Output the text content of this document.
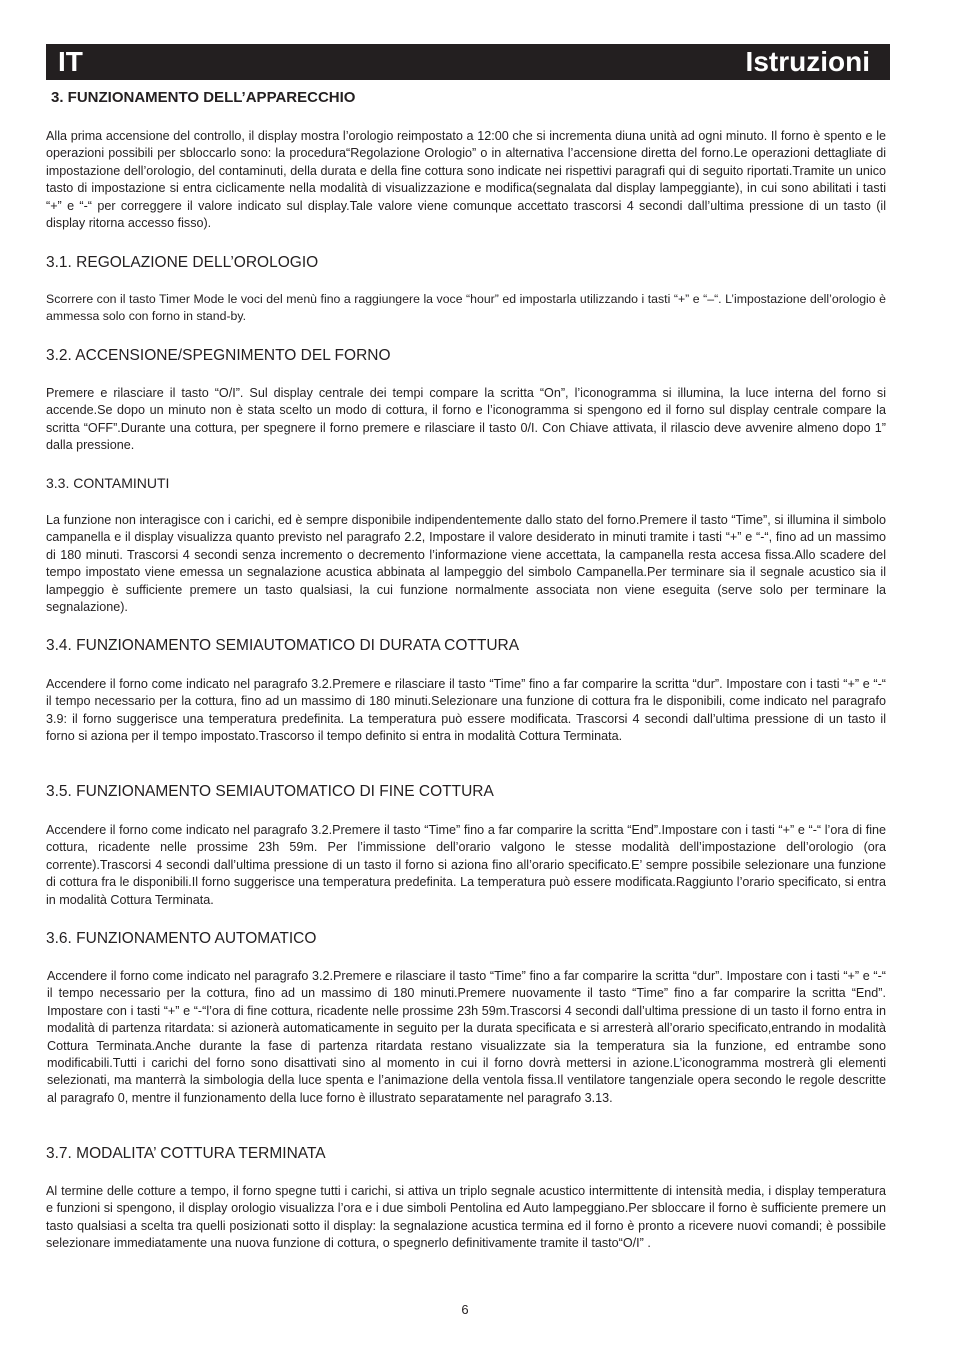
IT	Istruzioni
3. FUNZIONAMENTO DELL’APPARECCHIO

Alla prima accensione del controllo, il display mostra l’orologio reimpostato a 12:00 che si incrementa diuna unità ad ogni minuto. Il forno è spento e le operazioni possibili per sbloccarlo sono: la procedura“Regolazione Orologio” o in alternativa l’accensione diretta del forno.Le operazioni dettagliate di impostazione dell’orologio, del contaminuti, della durata e della fine cottura sono indicate nei rispettivi paragrafi qui di seguito riportati.Tramite un unico tasto di impostazione si entra ciclicamente nella modalità di visualizzazione e modifica(segnalata dal display lampeggiante), in cui sono abilitati i tasti “+” e “-“ per correggere il valore indicato sul display.Tale valore viene comunque accettato trascorsi 4 secondi dall’ultima pressione di un tasto (il display ritorna accesso fisso).

3.1. REGOLAZIONE DELL’OROLOGIO

Scorrere con il tasto Timer Mode le voci del menù fino a raggiungere la voce “hour” ed impostarla utilizzando i tasti “+” e “–“. L’impostazione dell’orologio è ammessa solo con forno in stand-by.

3.2. ACCENSIONE/SPEGNIMENTO DEL FORNO

Premere e rilasciare il tasto “O/I”. Sul display centrale dei tempi compare la scritta “On”, l’iconogramma si illumina, la luce interna del forno si accende.Se dopo un minuto non è stata scelto un modo di cottura, il forno e l’iconogramma si spengono ed il forno sul display centrale compare la scritta “OFF”.Durante una cottura, per spegnere il forno premere e rilasciare il tasto 0/I. Con Chiave attivata, il rilascio deve avvenire almeno dopo 1” dalla pressione.

3.3. CONTAMINUTI

La funzione non interagisce con i carichi, ed è sempre disponibile indipendentemente dallo stato del forno.Premere il tasto “Time”, si illumina il simbolo campanella e il display visualizza quanto previsto nel paragrafo 2.2, Impostare il valore desiderato in minuti tramite i tasti “+” e “-“, fino ad un massimo di 180 minuti. Trascorsi 4 secondi senza incremento o decremento l’informazione viene accettata, la campanella resta accesa fissa.Allo scadere del tempo impostato viene emessa un segnalazione acustica abbinata al lampeggio del simbolo Campanella.Per terminare sia il segnale acustico sia il lampeggio è sufficiente premere un tasto qualsiasi, la cui funzione normalmente associata non viene eseguita (serve solo per terminare la segnalazione).

3.4. FUNZIONAMENTO SEMIAUTOMATICO DI DURATA COTTURA

Accendere il forno come indicato nel paragrafo 3.2.Premere e rilasciare il tasto “Time” fino a far comparire la scritta “dur”. Impostare con i tasti “+” e “-“ il tempo necessario per la cottura, fino ad un massimo di 180 minuti.Selezionare una funzione di cottura fra le disponibili, come indicato nel paragrafo 3.9: il forno suggerisce una temperatura predefinita. La temperatura può essere modificata. Trascorsi 4 secondi dall’ultima pressione di un tasto il forno si aziona per il tempo impostato.Trascorso il tempo definito si entra in modalità Cottura Terminata.

3.5. FUNZIONAMENTO SEMIAUTOMATICO DI FINE COTTURA

Accendere il forno come indicato nel paragrafo 3.2.Premere il tasto “Time” fino a far comparire la scritta “End”.Impostare con i tasti “+” e “-“ l’ora di fine cottura, ricadente nelle prossime 23h 59m. Per l’immissione dell’orario valgono le stesse modalità dell’impostazione dell’orologio (ora corrente).Trascorsi 4 secondi dall’ultima pressione di un tasto il forno si aziona fino all’orario specificato.E’ sempre possibile selezionare una funzione di cottura fra le disponibili.Il forno suggerisce una temperatura predefinita. La temperatura può essere modificata.Raggiunto l’orario specificato, si entra in modalità Cottura Terminata.

3.6. FUNZIONAMENTO AUTOMATICO

Accendere il forno come indicato nel paragrafo 3.2.Premere e rilasciare il tasto “Time” fino a far comparire la scritta “dur”. Impostare con i tasti “+” e “-“ il tempo necessario per la cottura, fino ad un massimo di 180 minuti.Premere nuovamente il tasto “Time” fino a far comparire la scritta “End”. Impostare con i tasti “+” e “-“l’ora di fine cottura, ricadente nelle prossime 23h 59m.Trascorsi 4 secondi dall’ultima pressione di un tasto il forno entra in modalità di partenza ritardata: si azionerà automaticamente in seguito per la durata specificata e si arresterà all’orario specificato,entrando in modalità Cottura Terminata.Anche durante la fase di partenza ritardata restano visualizzate sia la temperatura sia la funzione, ed entrambe sono modificabili.Tutti i carichi del forno sono disattivati sino al momento in cui il forno dovrà mettersi in azione.L’iconogramma mostrerà gli elementi selezionati, ma manterrà la simbologia della luce spenta e l’animazione della ventola fissa.Il ventilatore tangenziale opera secondo le regole descritte al paragrafo 0, mentre il funzionamento della luce forno è illustrato separatamente nel paragrafo 3.13.

3.7. MODALITA’ COTTURA TERMINATA

Al termine delle cotture a tempo, il forno spegne tutti i carichi, si attiva un triplo segnale acustico intermittente di intensità media, i display temperatura e funzioni si spengono, il display orologio visualizza l’ora e i due simboli Pentolina ed Auto lampeggiano.Per sbloccare il forno è sufficiente premere un tasto qualsiasi a scelta tra quelli posizionati sotto il display: la segnalazione acustica termina ed il forno è pronto a ricevere nuovi comandi; è possibile selezionare immediatamente una nuova funzione di cottura, o spegnerlo definitivamente tramite il tasto“O/I” .

6
